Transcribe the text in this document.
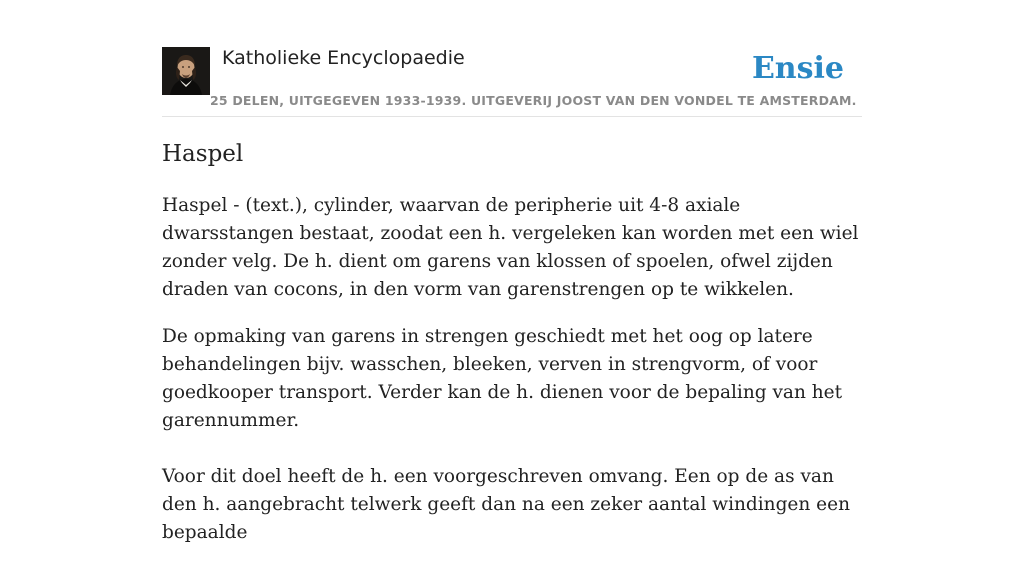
Katholieke Encyclopaedie
25 DELEN, UITGEGEVEN 1933-1939. UITGEVERIJ JOOST VAN DEN VONDEL TE AMSTERDAM.
Ensie
Haspel

Haspel - (text.), cylinder, waarvan de peripherie uit 4-8 axiale dwarsstangen bestaat, zoodat een h. vergeleken kan worden met een wiel zonder velg. De h. dient om garens van klossen of spoelen, ofwel zijden draden van cocons, in den vorm van garenstrengen op te wikkelen.

De opmaking van garens in strengen geschiedt met het oog op latere behandelingen bijv. wasschen, bleeken, verven in strengvorm, of voor goedkooper transport. Verder kan de h. dienen voor de bepaling van het garennummer.

Voor dit doel heeft de h. een voorgeschreven omvang. Een op de as van den h. aangebracht telwerk geeft dan na een zeker aantal windingen een bepaalde
